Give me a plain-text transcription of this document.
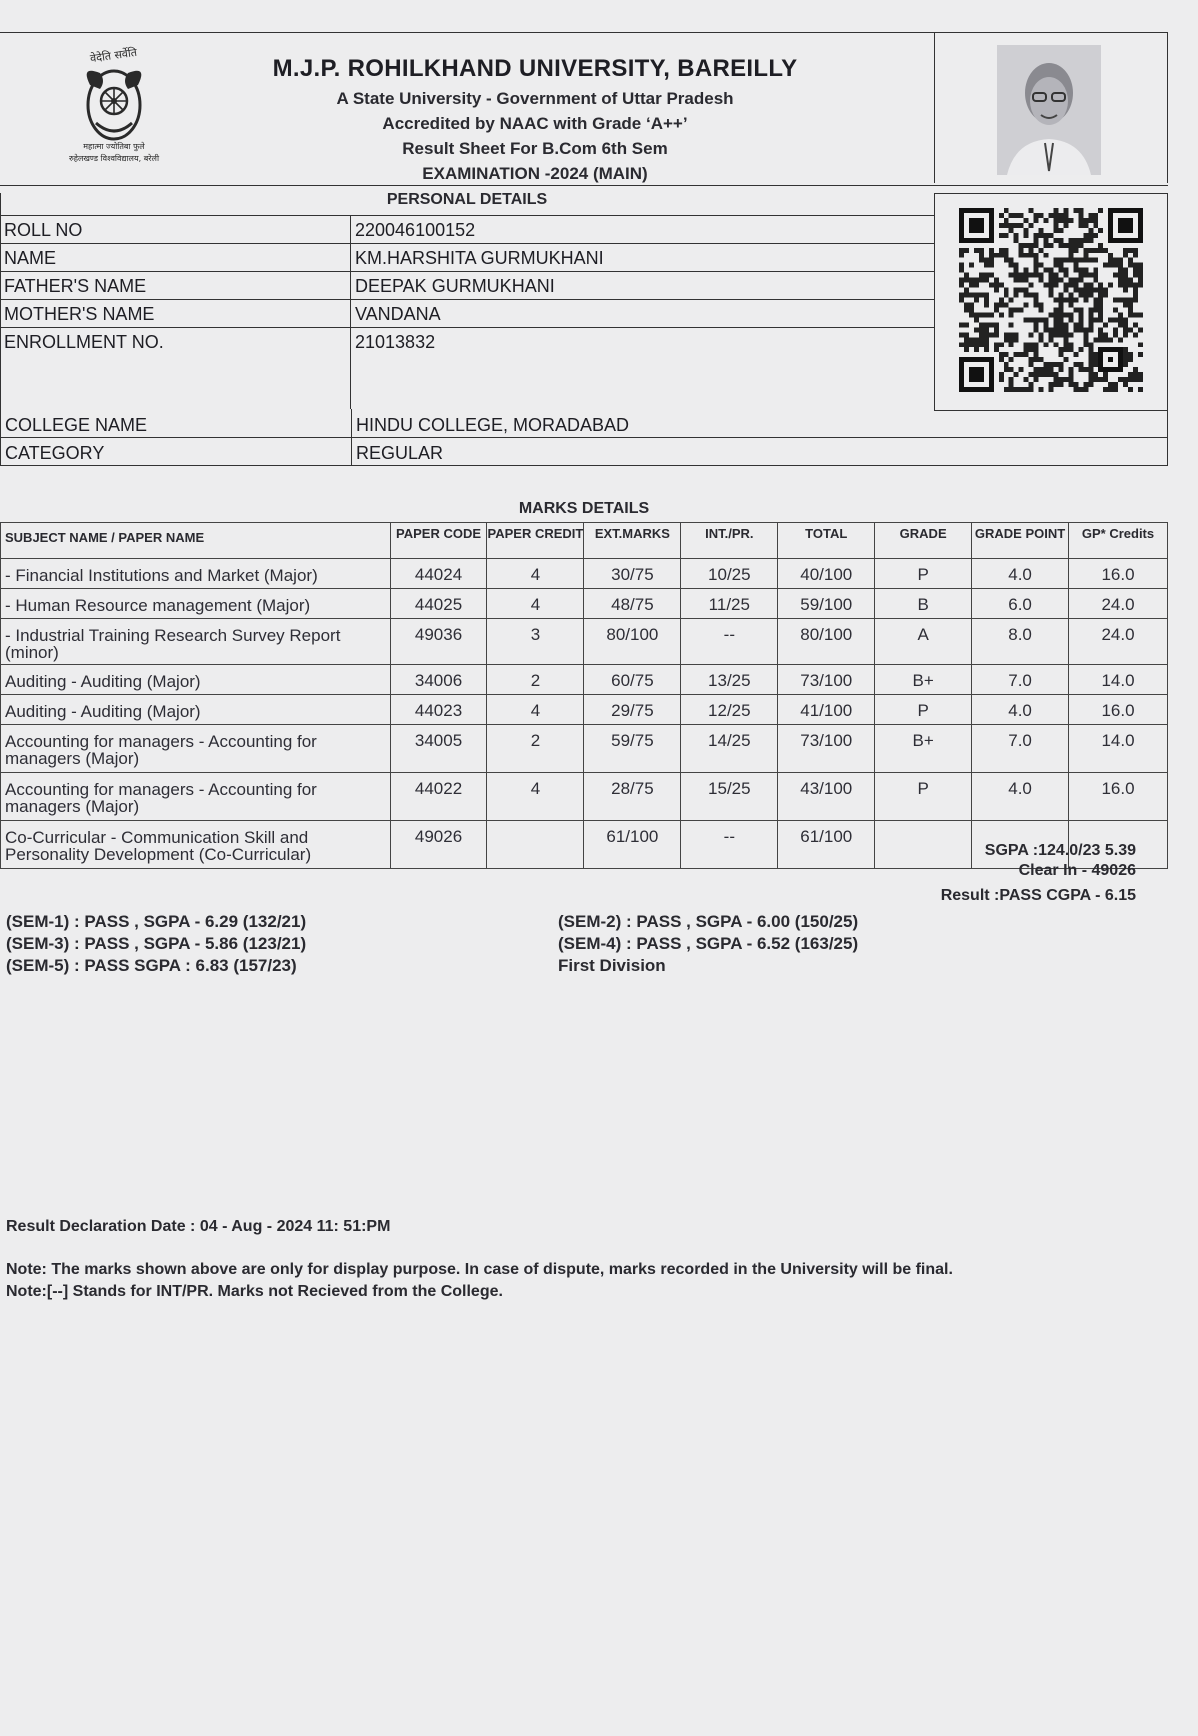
वेदेति सर्वेति
महात्मा ज्योतिबा फुले
रुहेलखण्ड विश्वविद्यालय, बरेली
M.J.P. ROHILKHAND UNIVERSITY, BAREILLY
A State University - Government of Uttar Pradesh
Accredited by NAAC with Grade ‘A++’
Result Sheet For B.Com 6th Sem
EXAMINATION -2024 (MAIN)
PERSONAL DETAILS
ROLL NO	220046100152
NAME	KM.HARSHITA GURMUKHANI
FATHER'S NAME	DEEPAK GURMUKHANI
MOTHER'S NAME	VANDANA
ENROLLMENT NO.	21013832
COLLEGE NAME	HINDU COLLEGE, MORADABAD
CATEGORY	REGULAR
MARKS DETAILS
SUBJECT NAME / PAPER NAME	PAPER CODE	PAPER CREDIT	EXT.MARKS	INT./PR.	TOTAL	GRADE	GRADE POINT	GP* Credits
- Financial Institutions and Market (Major)	44024	4	30/75	10/25	40/100	P	4.0	16.0
- Human Resource management (Major)	44025	4	48/75	11/25	59/100	B	6.0	24.0
- Industrial Training Research Survey Report (minor)	49036	3	80/100	--	80/100	A	8.0	24.0
Auditing - Auditing (Major)	34006	2	60/75	13/25	73/100	B+	7.0	14.0
Auditing - Auditing (Major)	44023	4	29/75	12/25	41/100	P	4.0	16.0
Accounting for managers - Accounting for managers (Major)	34005	2	59/75	14/25	73/100	B+	7.0	14.0
Accounting for managers - Accounting for managers (Major)	44022	4	28/75	15/25	43/100	P	4.0	16.0
Co-Curricular - Communication Skill and Personality Development (Co-Curricular)	49026		61/100	--	61/100			
SGPA :124.0/23 5.39
Clear In - 49026
Result :PASS CGPA - 6.15
(SEM-1) : PASS , SGPA - 6.29 (132/21)	(SEM-2) : PASS , SGPA - 6.00 (150/25)
(SEM-3) : PASS , SGPA - 5.86 (123/21)	(SEM-4) : PASS , SGPA - 6.52 (163/25)
(SEM-5) : PASS SGPA : 6.83 (157/23)	First Division
Result Declaration Date : 04 - Aug - 2024 11: 51:PM
Note: The marks shown above are only for display purpose. In case of dispute, marks recorded in the University will be final.
Note:[--] Stands for INT/PR. Marks not Recieved from the College.
